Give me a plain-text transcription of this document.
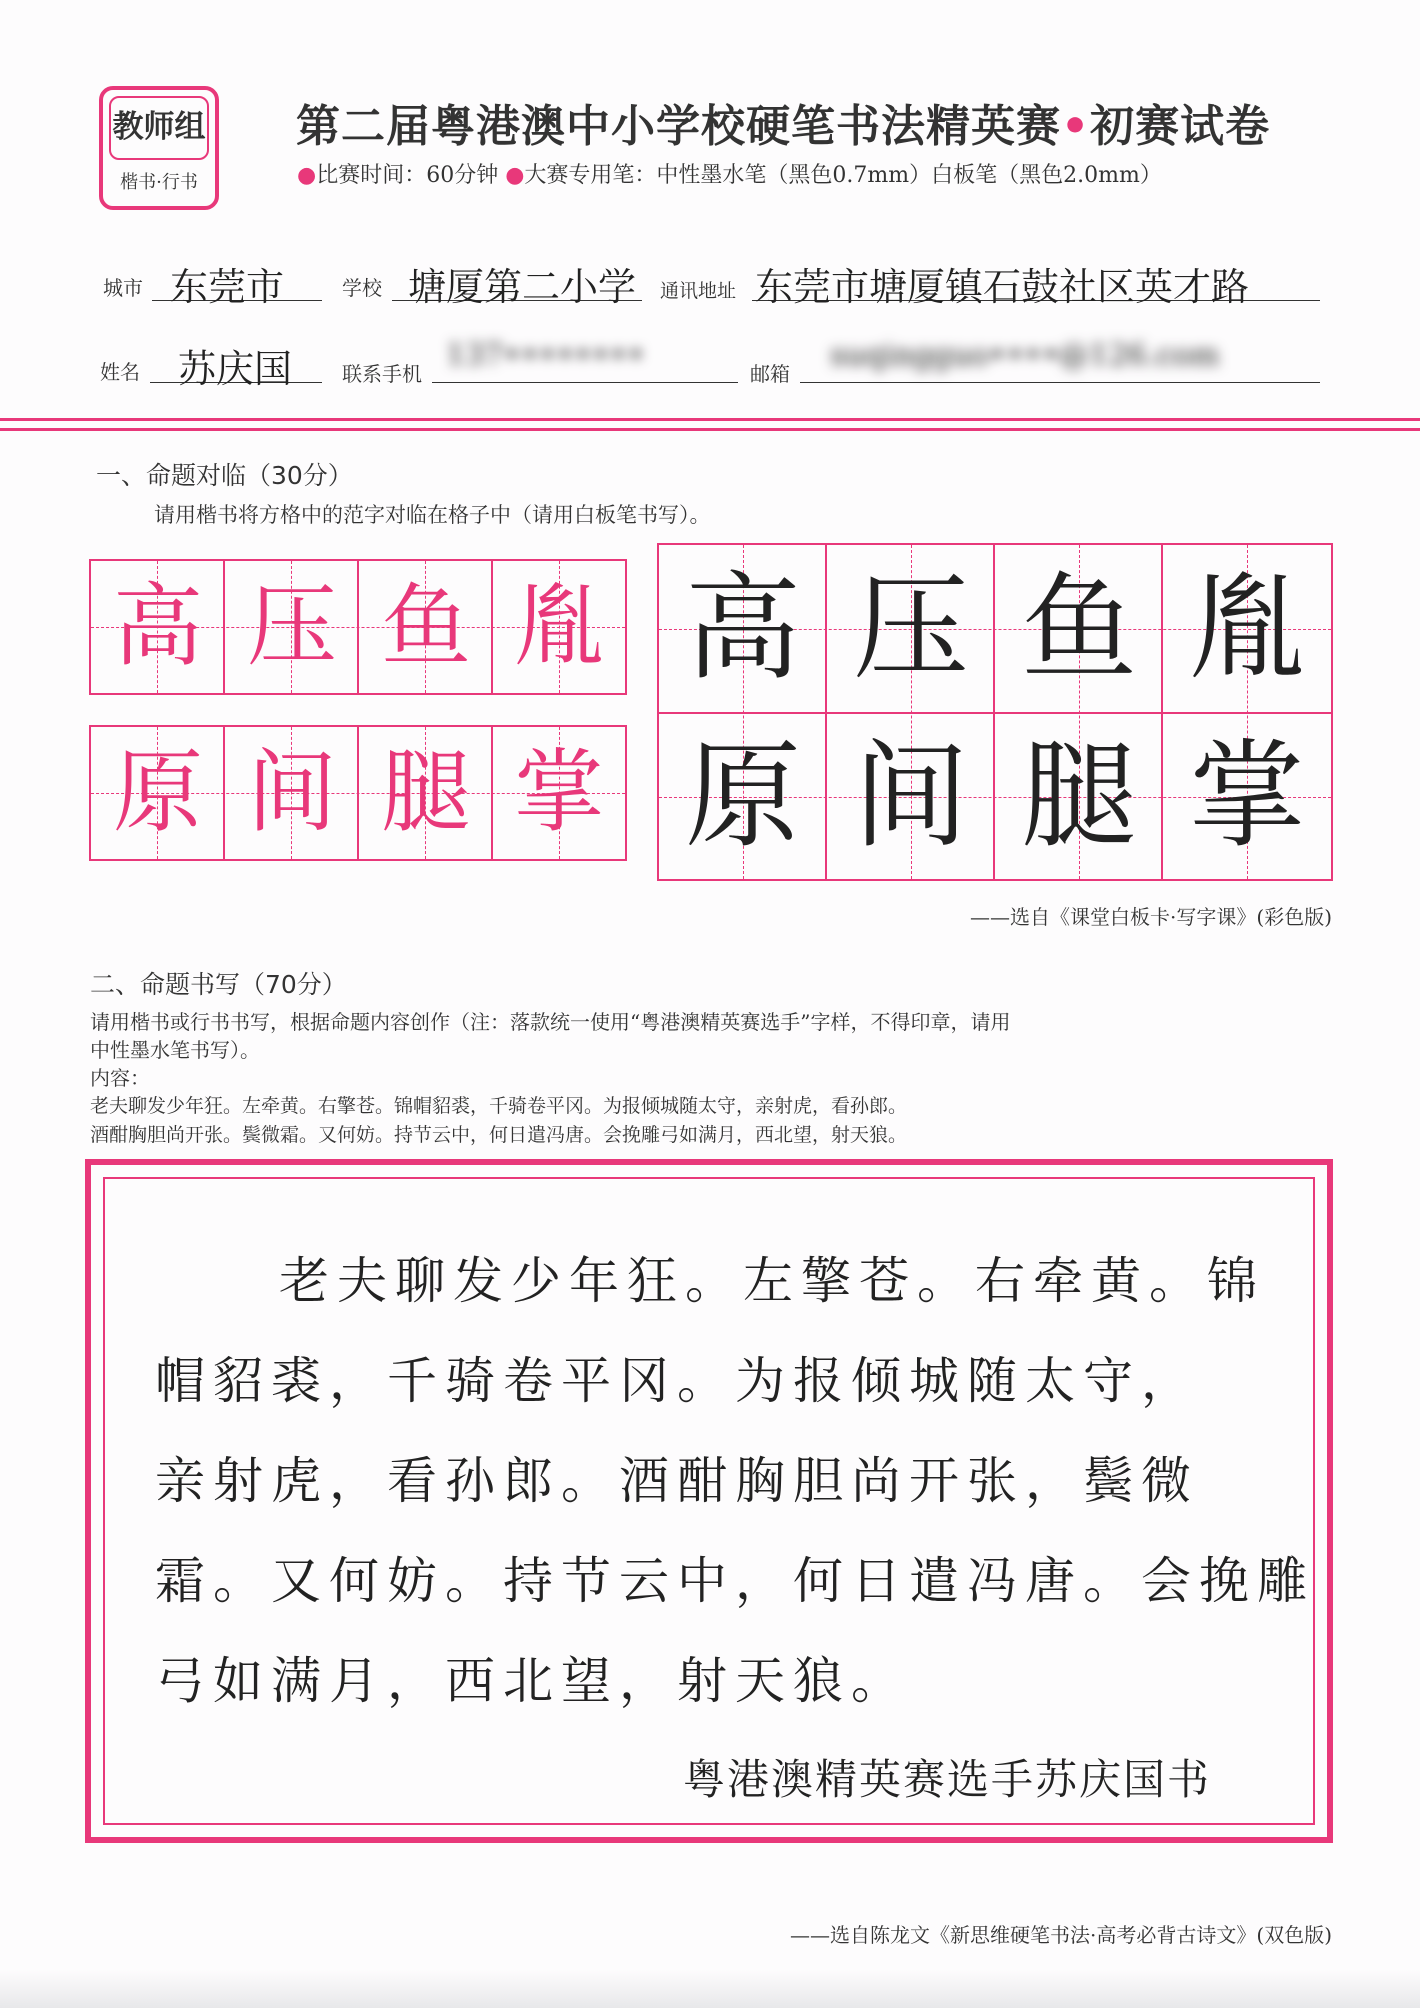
教师组
楷书·行书
第二届粤港澳中小学校硬笔书法精英赛•初赛试卷
●比赛时间：60分钟 ●大赛专用笔：中性墨水笔（黑色0.7mm）白板笔（黑色2.0mm）
城市 东莞市	学校 塘厦第二小学 通讯地址 东莞市塘厦镇石鼓社区英才路
姓名 苏庆国 联系手机
137••••••••
邮箱
suqingguo••••@126.com
一、命题对临（30分）
请用楷书将方格中的范字对临在格子中（请用白板笔书写）。
高 压 鱼 胤
原 间 腿 掌
高 压 鱼 胤
原 间 腿 掌
——选自《课堂白板卡·写字课》(彩色版)
二、命题书写（70分）
请用楷书或行书书写，根据命题内容创作（注：落款统一使用“粤港澳精英赛选手”字样，不得印章，请用
中性墨水笔书写）。
内容：
老夫聊发少年狂。左牵黄。右擎苍。锦帽貂裘，千骑卷平冈。为报倾城随太守，亲射虎，看孙郎。
酒酣胸胆尚开张。鬓微霜。又何妨。持节云中，何日遣冯唐。会挽雕弓如满月，西北望，射天狼。
老夫聊发少年狂。左擎苍。右牵黄。锦
帽貂裘，千骑卷平冈。为报倾城随太守，
亲射虎，看孙郎。酒酣胸胆尚开张，鬓微
霜。又何妨。持节云中，何日遣冯唐。会挽雕
弓如满月，西北望，射天狼。
粤港澳精英赛选手苏庆国书
——选自陈龙文《新思维硬笔书法·高考必背古诗文》(双色版)
